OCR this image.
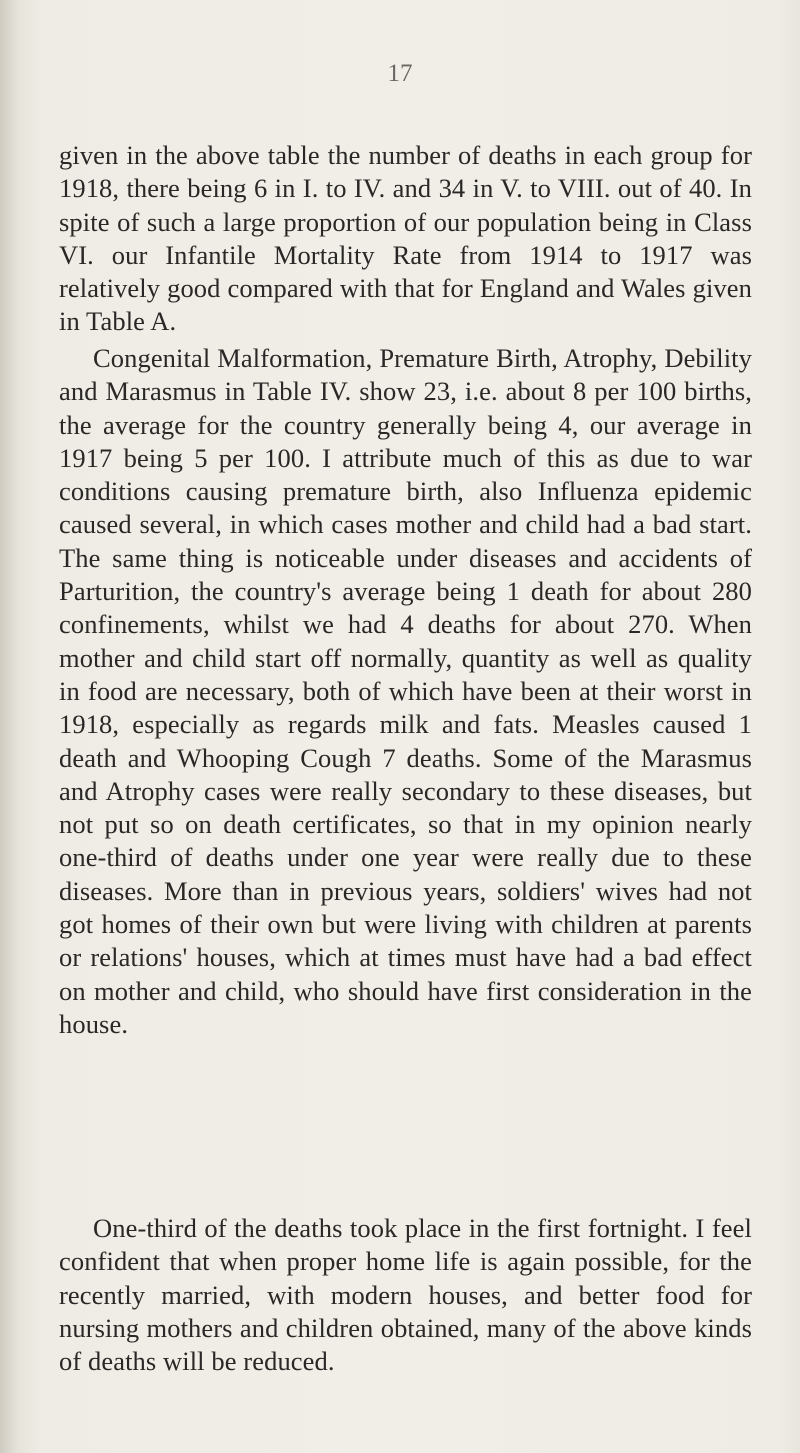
17

given in the above table the number of deaths in each group for 1918, there being 6 in I. to IV. and 34 in V. to VIII. out of 40. In spite of such a large proportion of our population being in Class VI. our Infantile Mortality Rate from 1914 to 1917 was relatively good compared with that for England and Wales given in Table A.

Congenital Malformation, Premature Birth, Atrophy, Debility and Marasmus in Table IV. show 23, i.e. about 8 per 100 births, the average for the country generally being 4, our average in 1917 being 5 per 100. I attribute much of this as due to war conditions causing premature birth, also Influenza epidemic caused several, in which cases mother and child had a bad start. The same thing is noticeable under diseases and accidents of Parturition, the country's average being 1 death for about 280 confinements, whilst we had 4 deaths for about 270. When mother and child start off normally, quantity as well as quality in food are necessary, both of which have been at their worst in 1918, especially as regards milk and fats. Measles caused 1 death and Whooping Cough 7 deaths. Some of the Marasmus and Atrophy cases were really secondary to these diseases, but not put so on death certificates, so that in my opinion nearly one-third of deaths under one year were really due to these diseases. More than in previous years, soldiers' wives had not got homes of their own but were living with children at parents or relations' houses, which at times must have had a bad effect on mother and child, who should have first consideration in the house.

One-third of the deaths took place in the first fortnight. I feel confident that when proper home life is again possible, for the recently married, with modern houses, and better food for nursing mothers and children obtained, many of the above kinds of deaths will be reduced.
